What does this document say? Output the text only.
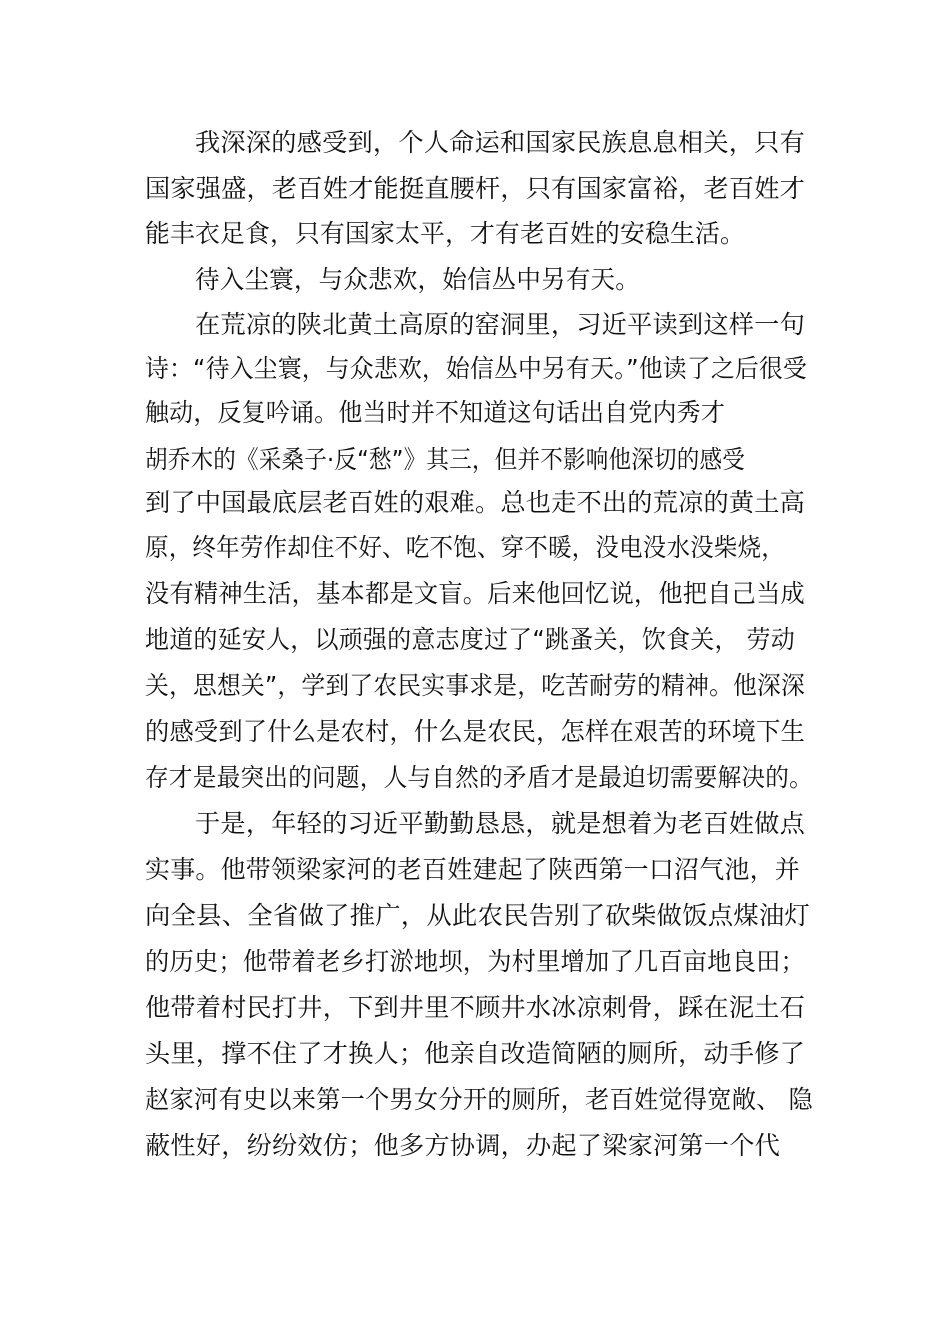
我深深的感受到，个人命运和国家民族息息相关，只有
国家强盛，老百姓才能挺直腰杆，只有国家富裕，老百姓才
能丰衣足食，只有国家太平，才有老百姓的安稳生活。
待入尘寰，与众悲欢，始信丛中另有天。
在荒凉的陕北黄土高原的窑洞里，习近平读到这样一句
诗：“待入尘寰，与众悲欢，始信丛中另有天。”他读了之后很受
触动，反复吟诵。他当时并不知道这句话出自党内秀才
胡乔木的《采桑子·反“愁”》其三，但并不影响他深切的感受
到了中国最底层老百姓的艰难。总也走不出的荒凉的黄土高
原，终年劳作却住不好、吃不饱、穿不暖，没电没水没柴烧，
没有精神生活，基本都是文盲。后来他回忆说，他把自己当成
地道的延安人，以顽强的意志度过了“跳蚤关，饮食关， 劳动
关，思想关”，学到了农民实事求是，吃苦耐劳的精神。他深深
的感受到了什么是农村，什么是农民，怎样在艰苦的环境下生
存才是最突出的问题，人与自然的矛盾才是最迫切需要解决的。
于是，年轻的习近平勤勤恳恳，就是想着为老百姓做点
实事。他带领梁家河的老百姓建起了陕西第一口沼气池，并
向全县、全省做了推广，从此农民告别了砍柴做饭点煤油灯
的历史；他带着老乡打淤地坝，为村里增加了几百亩地良田；
他带着村民打井，下到井里不顾井水冰凉刺骨，踩在泥土石
头里，撑不住了才换人；他亲自改造简陋的厕所，动手修了
赵家河有史以来第一个男女分开的厕所，老百姓觉得宽敞、 隐
蔽性好，纷纷效仿；他多方协调，办起了梁家河第一个代
